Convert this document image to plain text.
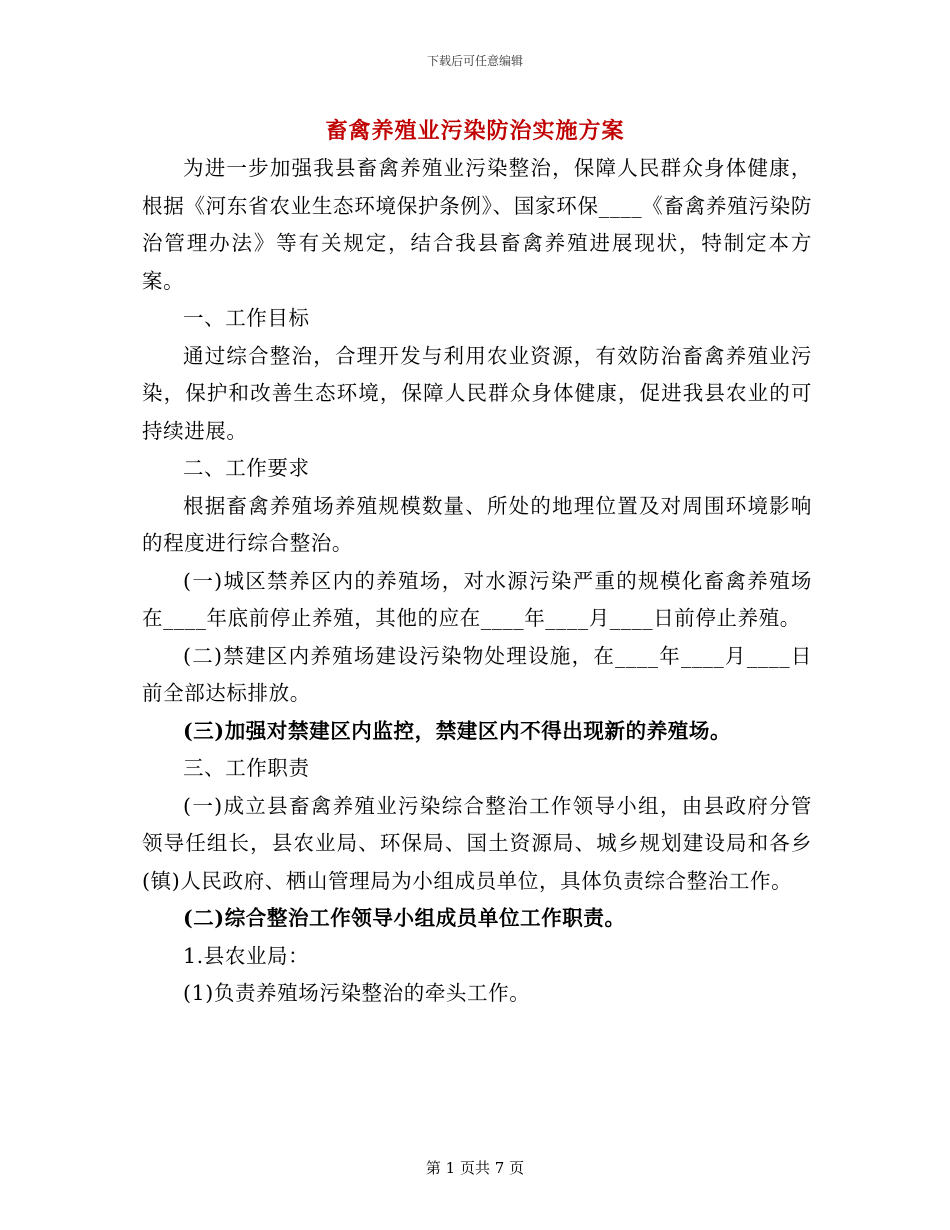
下载后可任意编辑
畜禽养殖业污染防治实施方案

为进一步加强我县畜禽养殖业污染整治，保障人民群众身体健康，根据《河东省农业生态环境保护条例》、国家环保____《畜禽养殖污染防治管理办法》等有关规定，结合我县畜禽养殖进展现状，特制定本方案。

一、工作目标

通过综合整治，合理开发与利用农业资源，有效防治畜禽养殖业污染，保护和改善生态环境，保障人民群众身体健康，促进我县农业的可持续进展。

二、工作要求

根据畜禽养殖场养殖规模数量、所处的地理位置及对周围环境影响的程度进行综合整治。

(一)城区禁养区内的养殖场，对水源污染严重的规模化畜禽养殖场在____年底前停止养殖，其他的应在____年____月____日前停止养殖。

(二)禁建区内养殖场建设污染物处理设施，在____年____月____日前全部达标排放。

(三)加强对禁建区内监控，禁建区内不得出现新的养殖场。

三、工作职责

(一)成立县畜禽养殖业污染综合整治工作领导小组，由县政府分管领导任组长，县农业局、环保局、国土资源局、城乡规划建设局和各乡(镇)人民政府、栖山管理局为小组成员单位，具体负责综合整治工作。

(二)综合整治工作领导小组成员单位工作职责。

1.县农业局：

(1)负责养殖场污染整治的牵头工作。

第 1 页共 7 页
